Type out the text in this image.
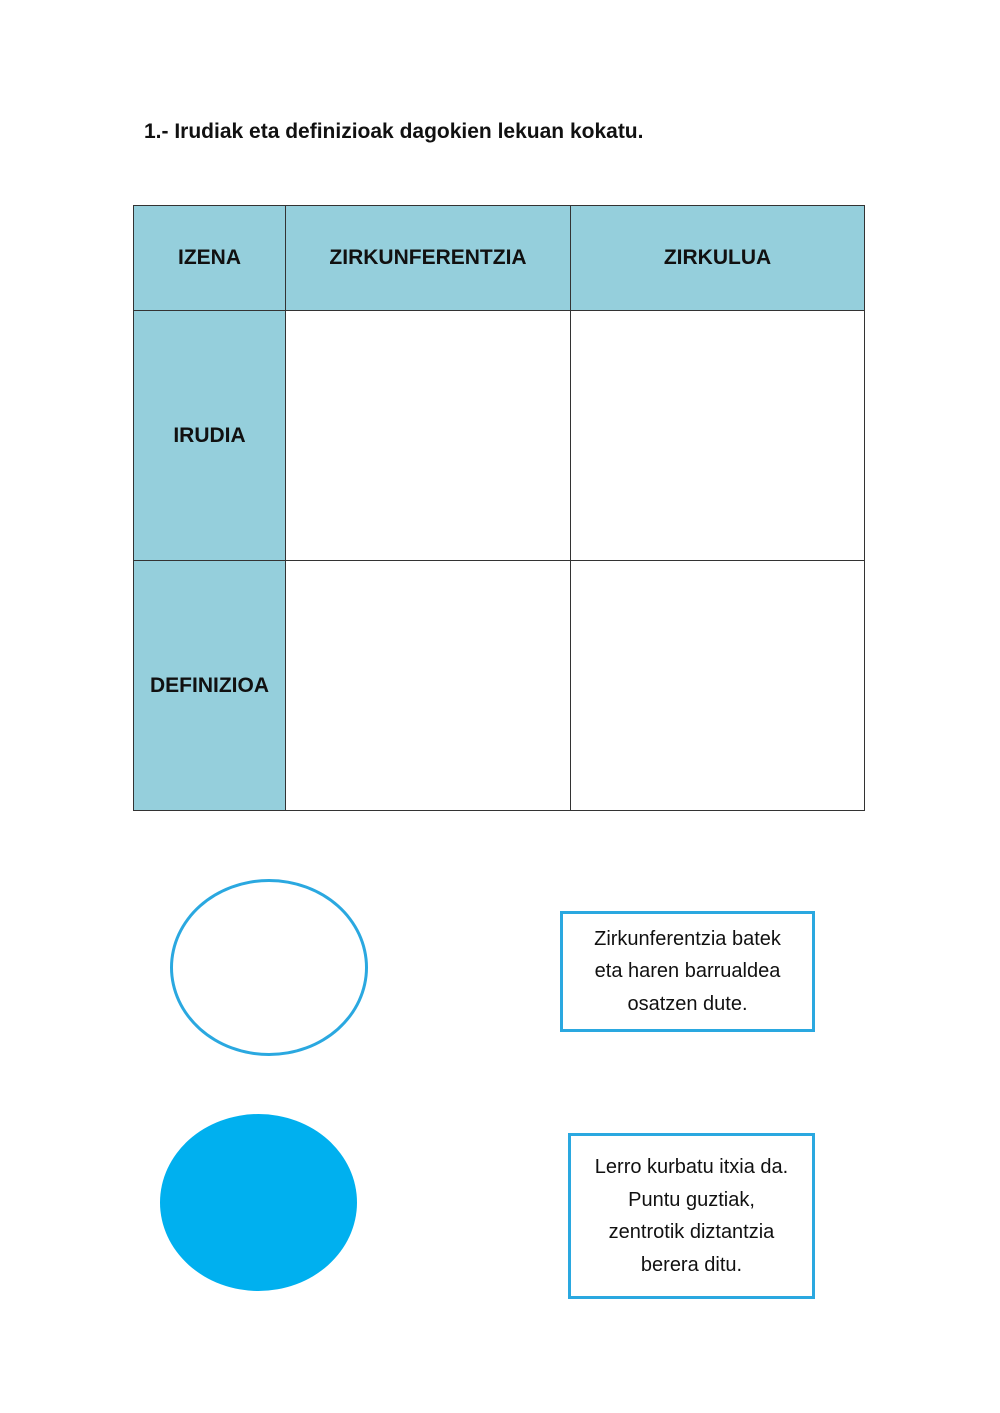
1.- Irudiak eta definizioak dagokien lekuan kokatu.
IZENA	ZIRKUNFERENTZIA	ZIRKULUA
IRUDIA		
DEFINIZIOA		
Zirkunferentzia batek
eta haren barrualdea
osatzen dute.
Lerro kurbatu itxia da.
Puntu guztiak,
zentrotik diztantzia
berera ditu.
